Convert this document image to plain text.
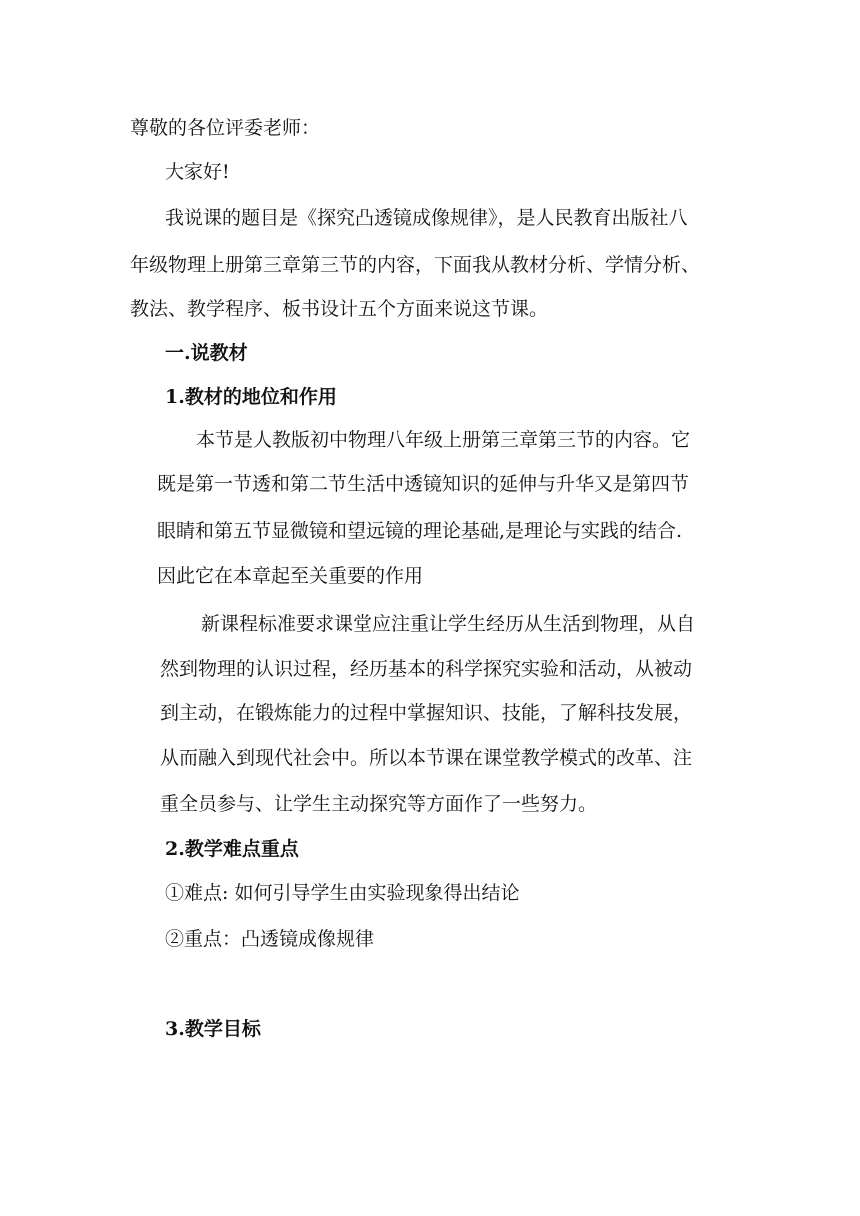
尊敬的各位评委老师：

大家好!

我说课的题目是《探究凸透镜成像规律》，是人民教育出版社八

年级物理上册第三章第三节的内容，下面我从教材分析、学情分析、

教法、教学程序、板书设计五个方面来说这节课。

一.说教材

1.教材的地位和作用

本节是人教版初中物理八年级上册第三章第三节的内容。它

既是第一节透和第二节生活中透镜知识的延伸与升华又是第四节

眼睛和第五节显微镜和望远镜的理论基础,是理论与实践的结合.

因此它在本章起至关重要的作用

新课程标准要求课堂应注重让学生经历从生活到物理，从自

然到物理的认识过程，经历基本的科学探究实验和活动，从被动

到主动，在锻炼能力的过程中掌握知识、技能，了解科技发展，

从而融入到现代社会中。所以本节课在课堂教学模式的改革、注

重全员参与、让学生主动探究等方面作了一些努力。

2.教学难点重点

①难点: 如何引导学生由实验现象得出结论

②重点：凸透镜成像规律

3.教学目标
